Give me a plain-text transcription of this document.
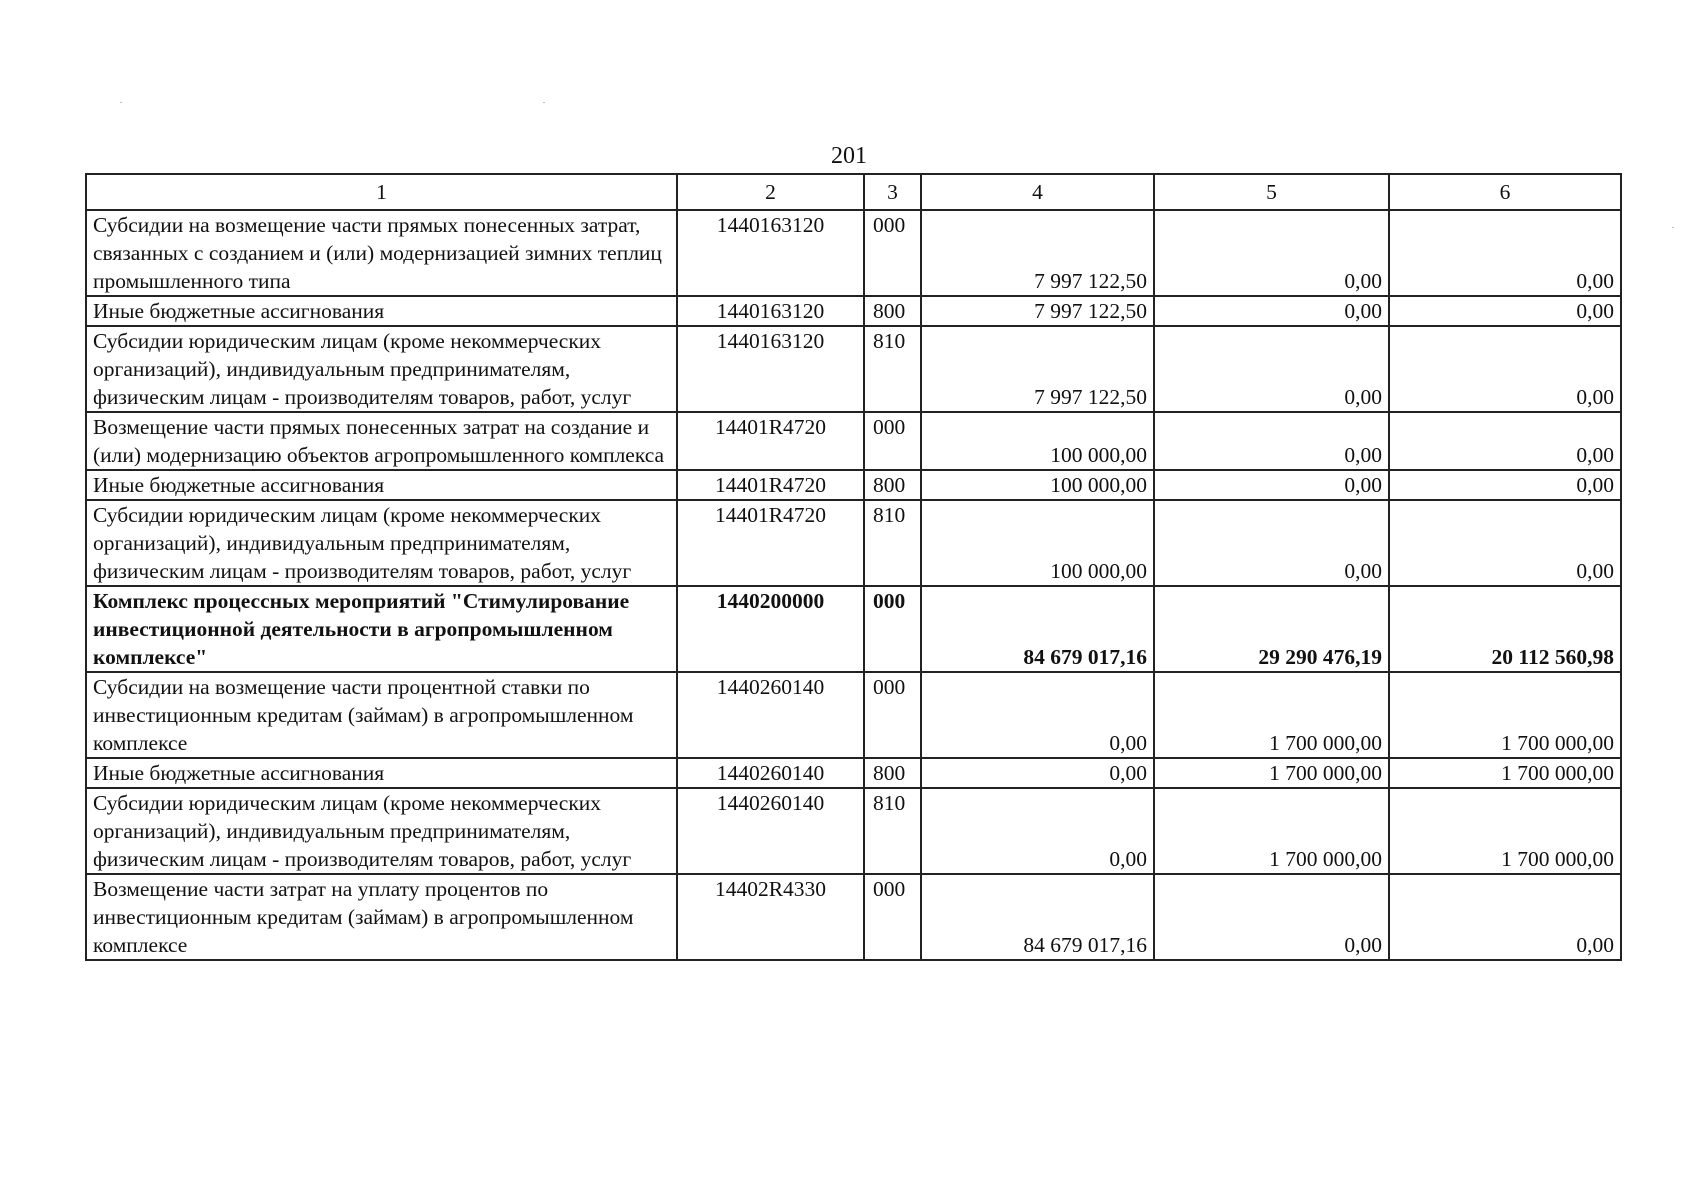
201
1	2	3	4	5	6
Субсидии на возмещение части прямых понесенных затрат, связанных с созданием и (или) модернизацией зимних теплиц промышленного типа	1440163120	000	7 997 122,50	0,00	0,00
Иные бюджетные ассигнования	1440163120	800	7 997 122,50	0,00	0,00
Субсидии юридическим лицам (кроме некоммерческих организаций), индивидуальным предпринимателям, физическим лицам - производителям товаров, работ, услуг	1440163120	810	7 997 122,50	0,00	0,00
Возмещение части прямых понесенных затрат на создание и (или) модернизацию объектов агропромышленного комплекса	14401R4720	000	100 000,00	0,00	0,00
Иные бюджетные ассигнования	14401R4720	800	100 000,00	0,00	0,00
Субсидии юридическим лицам (кроме некоммерческих организаций), индивидуальным предпринимателям, физическим лицам - производителям товаров, работ, услуг	14401R4720	810	100 000,00	0,00	0,00
Комплекс процессных мероприятий "Стимулирование инвестиционной деятельности в агропромышленном комплексе"	1440200000	000	84 679 017,16	29 290 476,19	20 112 560,98
Субсидии на возмещение части процентной ставки по инвестиционным кредитам (займам) в агропромышленном комплексе	1440260140	000	0,00	1 700 000,00	1 700 000,00
Иные бюджетные ассигнования	1440260140	800	0,00	1 700 000,00	1 700 000,00
Субсидии юридическим лицам (кроме некоммерческих организаций), индивидуальным предпринимателям, физическим лицам - производителям товаров, работ, услуг	1440260140	810	0,00	1 700 000,00	1 700 000,00
Возмещение части затрат на уплату процентов по инвестиционным кредитам (займам) в агропромышленном комплексе	14402R4330	000	84 679 017,16	0,00	0,00
